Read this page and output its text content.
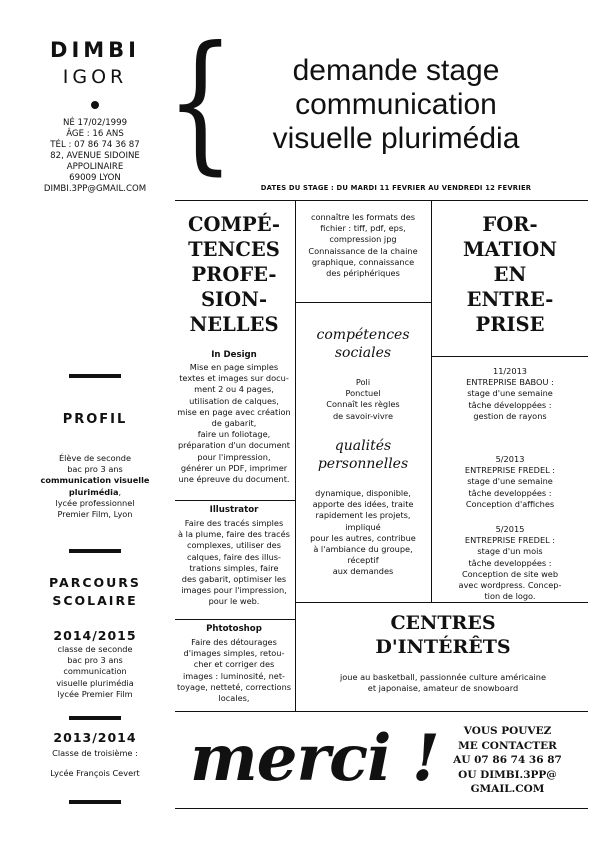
DIMBI
IGOR
NÉ 17/02/1999
ÂGE : 16 ANS
TÉL : 07 86 74 36 87
82, AVENUE SIDOINE
APPOLINAIRE
69009 LYON
DIMBI.3PP@GMAIL.COM
PROFIL
Élève de seconde
bac pro 3 ans
communication visuelle
plurimédia,
lycée professionnel
Premier Film, Lyon
PARCOURS
SCOLAIRE
2014/2015
classe de seconde
bac pro 3 ans
communication
visuelle plurimédia
lycée Premier Film
2013/2014
Classe de troisième :
Lycée François Cevert
{	demande stage
communication
visuelle plurimédia
DATES DU STAGE : DU MARDI 11 FEVRIER AU VENDREDI 12 FEVRIER
COMPÉ-
TENCES
PROFE-
SION-
NELLES
In Design
Mise en page simples
textes et images sur docu-
ment 2 ou 4 pages,
utilisation de calques,
mise en page avec création
de gabarit,
faire un foliotage,
préparation d'un document
pour l'impression,
générer un PDF, imprimer
une épreuve du document.
Illustrator
Faire des tracés simples
à la plume, faire des tracés
complexes, utiliser des
calques, faire des illus-
trations simples, faire
des gabarit, optimiser les
images pour l'impression,
pour le web.
Phtotoshop
Faire des détourages
d'images simples, retou-
cher et corriger des
images : luminosité, net-
toyage, netteté, corrections
locales,
connaître les formats des
fichier : tiff, pdf, eps,
compression jpg
Connaissance de la chaine
graphique, connaissance
des périphériques
compétences
sociales
Poli
Ponctuel
Connaît les règles
de savoir-vivre
qualités
personnelles
dynamique, disponible,
apporte des idées, traite
rapidement les projets,
impliqué
pour les autres, contribue
à l'ambiance du groupe,
réceptif
aux demandes
FOR-
MATION
EN
ENTRE-
PRISE
11/2013
ENTREPRISE BABOU :
stage d'une semaine
tâche développées :
gestion de rayons
5/2013
ENTREPRISE FREDEL :
stage d'une semaine
tâche developpées :
Conception d'affiches
5/2015
ENTREPRISE FREDEL :
stage d'un mois
tâche developpées :
Conception de site web
avec wordpress. Concep-
tion de logo.
CENTRES
D'INTÉRÊTS
joue au basketball, passionnée culture américaine
et japonaise, amateur de snowboard
merci !	VOUS POUVEZ
ME CONTACTER
AU 07 86 74 36 87
OU DIMBI.3PP@
GMAIL.COM
